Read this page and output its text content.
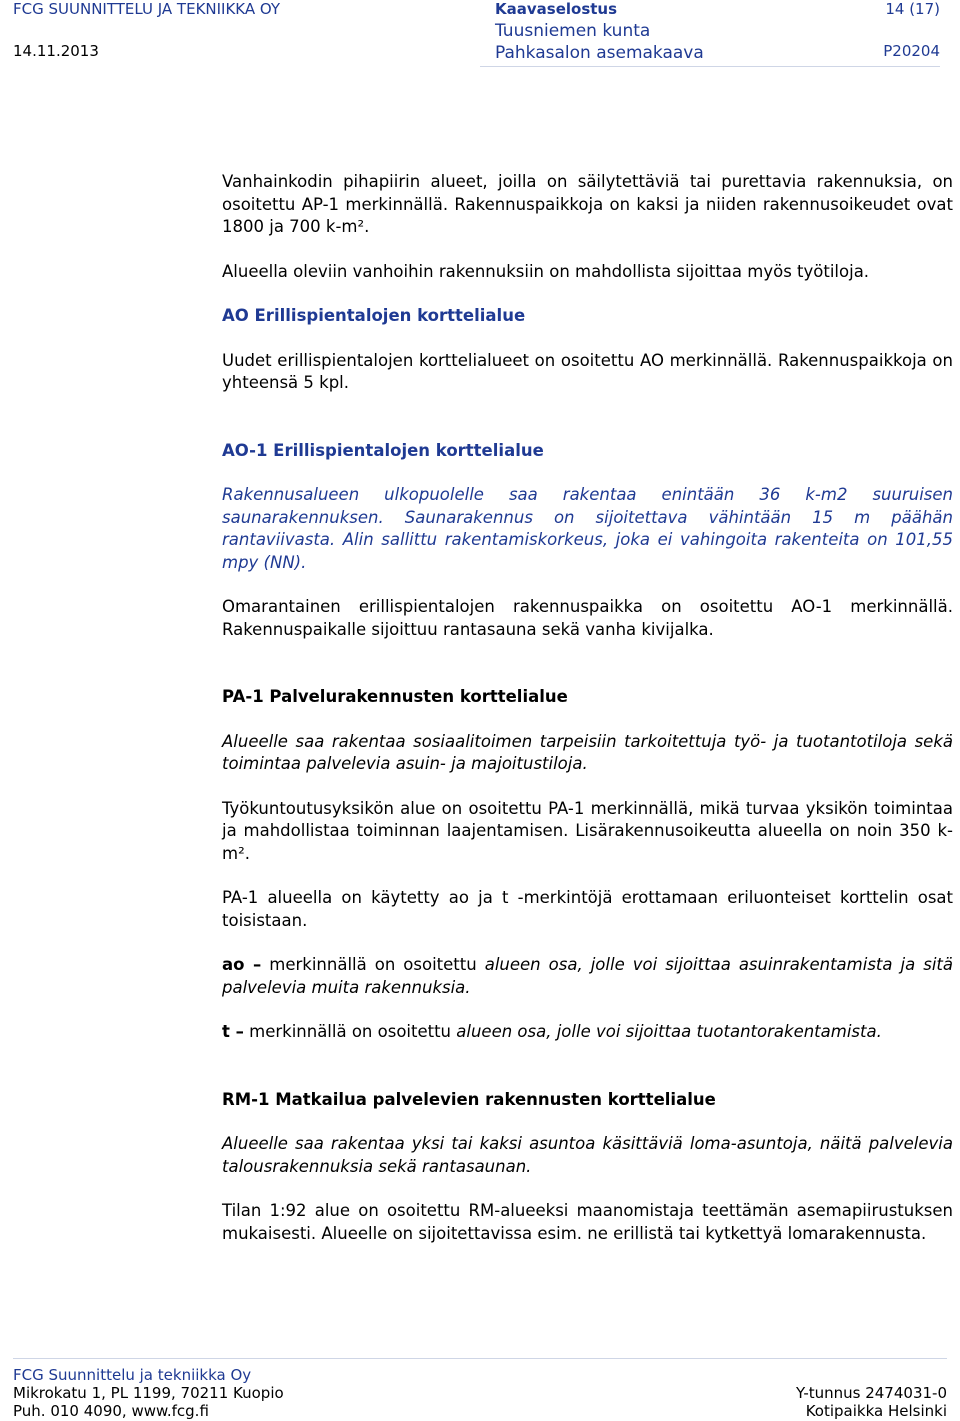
FCG SUUNNITTELU JA TEKNIIKKA OY
14.11.2013
Kaavaselostus
Tuusniemen kunta
Pahkasalon asemakaava
14 (17)
P20204

Vanhainkodin pihapiirin alueet, joilla on säilytettäviä tai purettavia rakennuksia, on osoitettu AP-1 merkinnällä. Rakennuspaikkoja on kaksi ja niiden rakennusoikeudet ovat 1800 ja 700 k-m².

Alueella oleviin vanhoihin rakennuksiin on mahdollista sijoittaa myös työtiloja.

AO Erillispientalojen korttelialue

Uudet erillispientalojen korttelialueet on osoitettu AO merkinnällä. Rakennuspaikkoja on yhteensä 5 kpl.

AO-1 Erillispientalojen korttelialue

Rakennusalueen ulkopuolelle saa rakentaa enintään 36 k-m2 suuruisen saunarakennuksen. Saunarakennus on sijoitettava vähintään 15 m päähän rantaviivasta. Alin sallittu rakentamiskorkeus, joka ei vahingoita rakenteita on 101,55 mpy (NN).

Omarantainen erillispientalojen rakennuspaikka on osoitettu AO-1 merkinnällä. Rakennuspaikalle sijoittuu rantasauna sekä vanha kivijalka.

PA-1 Palvelurakennusten korttelialue

Alueelle saa rakentaa sosiaalitoimen tarpeisiin tarkoitettuja työ- ja tuotantotiloja sekä toimintaa palvelevia asuin- ja majoitustiloja.

Työkuntoutusyksikön alue on osoitettu PA-1 merkinnällä, mikä turvaa yksikön toimintaa ja mahdollistaa toiminnan laajentamisen. Lisärakennusoikeutta alueella on noin 350 k-m².

PA-1 alueella on käytetty ao ja t -merkintöjä erottamaan eriluonteiset korttelin osat toisistaan.

ao – merkinnällä on osoitettu alueen osa, jolle voi sijoittaa asuinrakentamista ja sitä palvelevia muita rakennuksia.

t – merkinnällä on osoitettu alueen osa, jolle voi sijoittaa tuotantorakentamista.

RM-1 Matkailua palvelevien rakennusten korttelialue

Alueelle saa rakentaa yksi tai kaksi asuntoa käsittäviä loma-asuntoja, näitä palvelevia talousrakennuksia sekä rantasaunan.

Tilan 1:92 alue on osoitettu RM-alueeksi maanomistaja teettämän asemapiirustuksen mukaisesti. Alueelle on sijoitettavissa esim. ne erillistä tai kytkettyä lomarakennusta.

FCG Suunnittelu ja tekniikka Oy
Mikrokatu 1, PL 1199, 70211 Kuopio	Y-tunnus 2474031-0
Puh. 010 4090, www.fcg.fi	Kotipaikka Helsinki
